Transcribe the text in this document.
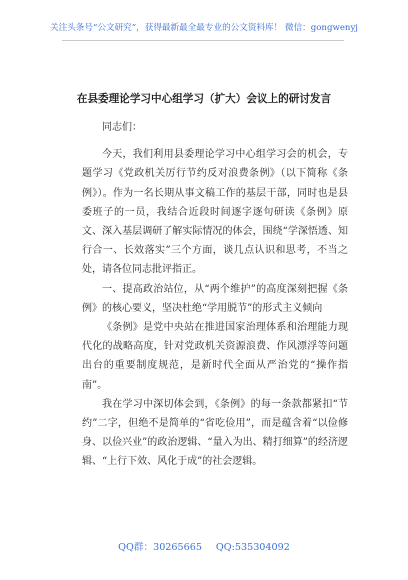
关注头条号“公文研究”，获得最新最全最专业的公文资料库！ 微信：gongwenyj
在县委理论学习中心组学习（扩大）会议上的研讨发言

同志们：

今天，我们利用县委理论学习中心组学习会的机会，专题学习《党政机关厉行节约反对浪费条例》（以下简称《条例》）。作为一名长期从事文稿工作的基层干部，同时也是县委班子的一员，我结合近段时间逐字逐句研读《条例》原文、深入基层调研了解实际情况的体会，围绕“学深悟透、知行合一、长效落实”三个方面，谈几点认识和思考，不当之处，请各位同志批评指正。

一、提高政治站位，从“两个维护”的高度深刻把握《条例》的核心要义，坚决杜绝“学用脱节”的形式主义倾向

《条例》是党中央站在推进国家治理体系和治理能力现代化的战略高度，针对党政机关资源浪费、作风漂浮等问题出台的重要制度规范，是新时代全面从严治党的“操作指南”。

我在学习中深切体会到，《条例》的每一条款都紧扣“节约”二字，但绝不是简单的“省吃俭用”，而是蕴含着“以俭修身、以俭兴业”的政治逻辑、“量入为出、精打细算”的经济逻辑、“上行下效、风化于成”的社会逻辑。

QQ群：30265665 QQ:535304092
